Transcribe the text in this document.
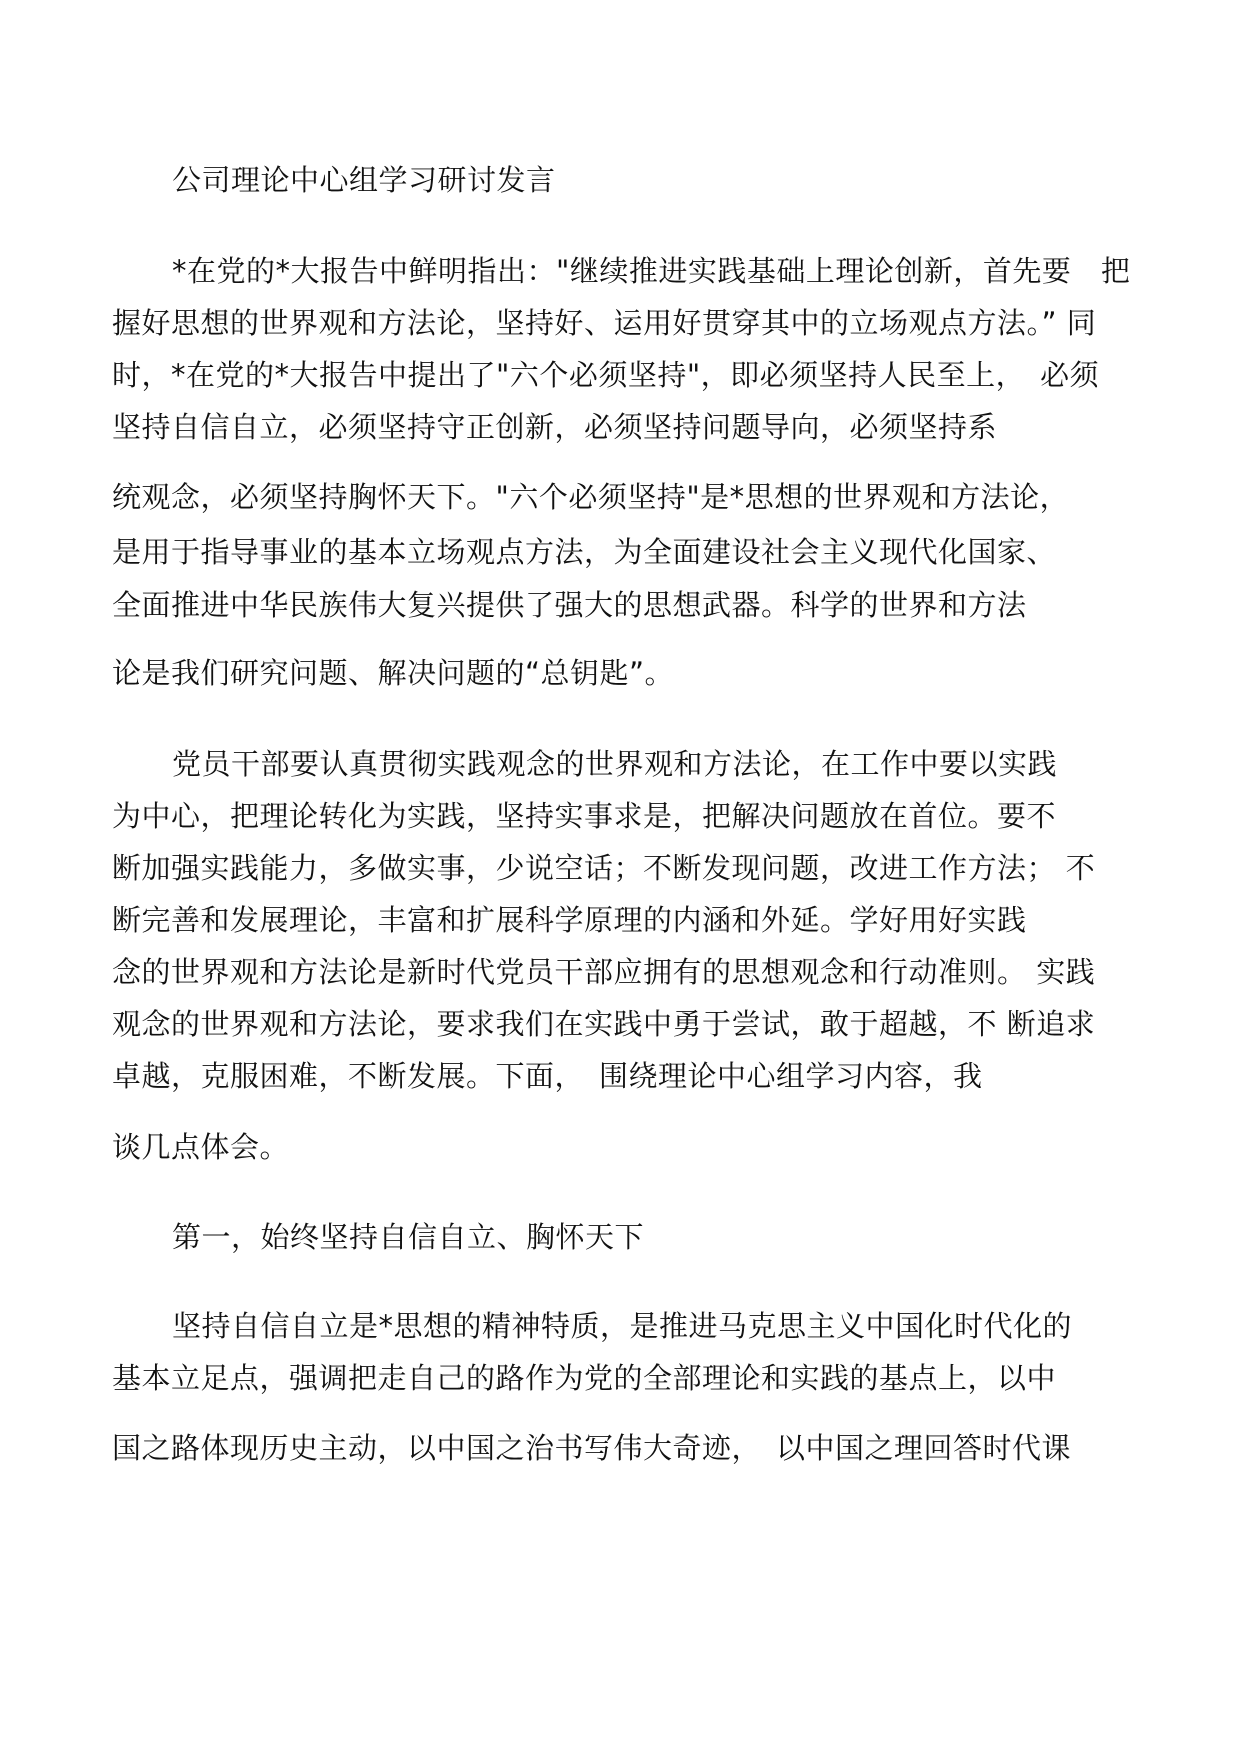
公司理论中心组学习研讨发言

*在党的*大报告中鲜明指出："继续推进实践基础上理论创新，首先要　把

握好思想的世界观和方法论，坚持好、运用好贯穿其中的立场观点方法。” 同

时，*在党的*大报告中提出了"六个必须坚持"，即必须坚持人民至上，　必须

坚持自信自立，必须坚持守正创新，必须坚持问题导向，必须坚持系

统观念，必须坚持胸怀天下。"六个必须坚持"是*思想的世界观和方法论，

是用于指导事业的基本立场观点方法，为全面建设社会主义现代化国家、

全面推进中华民族伟大复兴提供了强大的思想武器。科学的世界和方法

论是我们研究问题、解决问题的“总钥匙”。

党员干部要认真贯彻实践观念的世界观和方法论，在工作中要以实践

为中心，把理论转化为实践，坚持实事求是，把解决问题放在首位。要不

断加强实践能力，多做实事，少说空话；不断发现问题，改进工作方法； 不

断完善和发展理论，丰富和扩展科学原理的内涵和外延。学好用好实践

念的世界观和方法论是新时代党员干部应拥有的思想观念和行动准则。 实践

观念的世界观和方法论，要求我们在实践中勇于尝试，敢于超越，不 断追求

卓越，克服困难，不断发展。下面，　围绕理论中心组学习内容，我

谈几点体会。

第一，始终坚持自信自立、胸怀天下

坚持自信自立是*思想的精神特质，是推进马克思主义中国化时代化的

基本立足点，强调把走自己的路作为党的全部理论和实践的基点上，以中

国之路体现历史主动，以中国之治书写伟大奇迹，　以中国之理回答时代课
